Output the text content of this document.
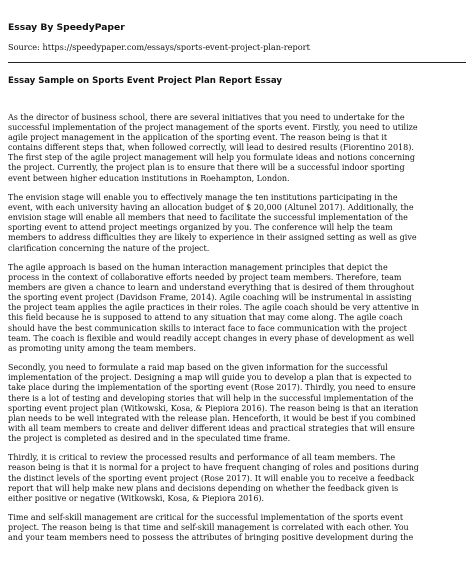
Essay By SpeedyPaper
Source: https://speedypaper.com/essays/sports-event-project-plan-report
Essay Sample on Sports Event Project Plan Report Essay
As the director of business school, there are several initiatives that you need to undertake for the
successful implementation of the project management of the sports event. Firstly, you need to utilize
agile project management in the application of the sporting event. The reason being is that it
contains different steps that, when followed correctly, will lead to desired results (Fiorentino 2018).
The first step of the agile project management will help you formulate ideas and notions concerning
the project. Currently, the project plan is to ensure that there will be a successful indoor sporting
event between higher education institutions in Roehampton, London.
The envision stage will enable you to effectively manage the ten institutions participating in the
event, with each university having an allocation budget of $ 20,000 (Altunel 2017). Additionally, the
envision stage will enable all members that need to facilitate the successful implementation of the
sporting event to attend project meetings organized by you. The conference will help the team
members to address difficulties they are likely to experience in their assigned setting as well as give
clarification concerning the nature of the project.
The agile approach is based on the human interaction management principles that depict the
process in the context of collaborative efforts needed by project team members. Therefore, team
members are given a chance to learn and understand everything that is desired of them throughout
the sporting event project (Davidson Frame, 2014). Agile coaching will be instrumental in assisting
the project team applies the agile practices in their roles. The agile coach should be very attentive in
this field because he is supposed to attend to any situation that may come along. The agile coach
should have the best communication skills to interact face to face communication with the project
team. The coach is flexible and would readily accept changes in every phase of development as well
as promoting unity among the team members.
Secondly, you need to formulate a raid map based on the given information for the successful
implementation of the project. Designing a map will guide you to develop a plan that is expected to
take place during the implementation of the sporting event (Rose 2017). Thirdly, you need to ensure
there is a lot of testing and developing stories that will help in the successful implementation of the
sporting event project plan (Witkowski, Kosa, & Piepiora 2016). The reason being is that an iteration
plan needs to be well integrated with the release plan. Henceforth, it would be best if you combined
with all team members to create and deliver different ideas and practical strategies that will ensure
the project is completed as desired and in the speculated time frame.
Thirdly, it is critical to review the processed results and performance of all team members. The
reason being is that it is normal for a project to have frequent changing of roles and positions during
the distinct levels of the sporting event project (Rose 2017). It will enable you to receive a feedback
report that will help make new plans and decisions depending on whether the feedback given is
either positive or negative (Witkowski, Kosa, & Piepiora 2016).
Time and self-skill management are critical for the successful implementation of the sports event
project. The reason being is that time and self-skill management is correlated with each other. You
and your team members need to possess the attributes of bringing positive development during the
